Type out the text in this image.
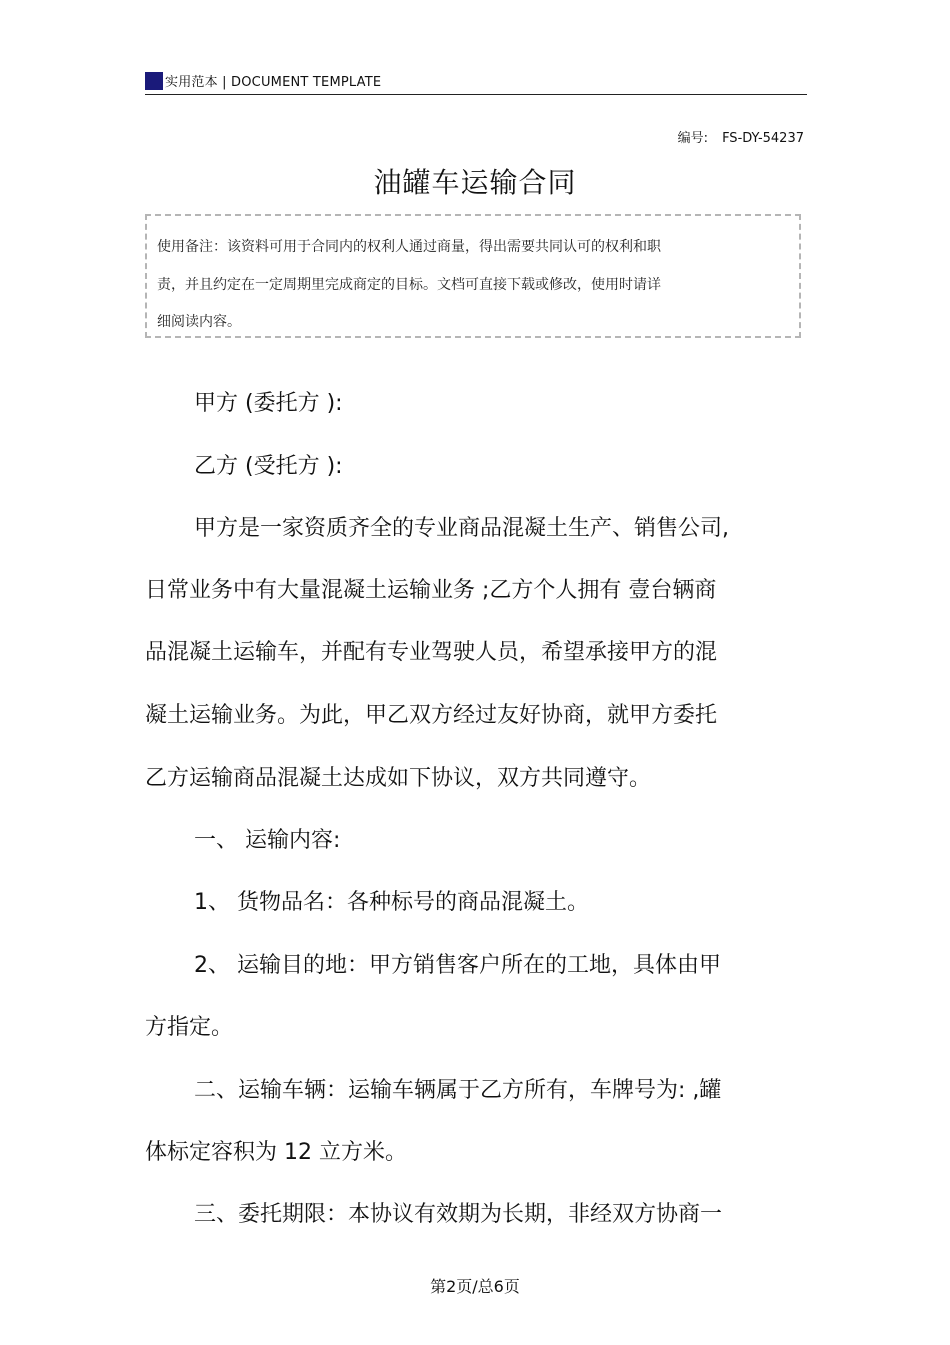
实用范本 | DOCUMENT TEMPLATE
编号: FS-DY-54237
油罐车运输合同
使用备注：该资料可用于合同内的权利人通过商量，得出需要共同认可的权利和职
责，并且约定在一定周期里完成商定的目标。文档可直接下载或修改，使用时请详
细阅读内容。
甲方 (委托方 ):
乙方 (受托方 ):
甲方是一家资质齐全的专业商品混凝土生产、销售公司,
日常业务中有大量混凝土运输业务 ;乙方个人拥有 壹台辆商
品混凝土运输车，并配有专业驾驶人员，希望承接甲方的混
凝土运输业务。为此，甲乙双方经过友好协商，就甲方委托
乙方运输商品混凝土达成如下协议，双方共同遵守。
一、 运输内容:
1、 货物品名：各种标号的商品混凝土。
2、 运输目的地：甲方销售客户所在的工地，具体由甲
方指定。
二、运输车辆：运输车辆属于乙方所有，车牌号为: ,罐
体标定容积为 12 立方米。
三、委托期限：本协议有效期为长期，非经双方协商一
第2页/总6页
